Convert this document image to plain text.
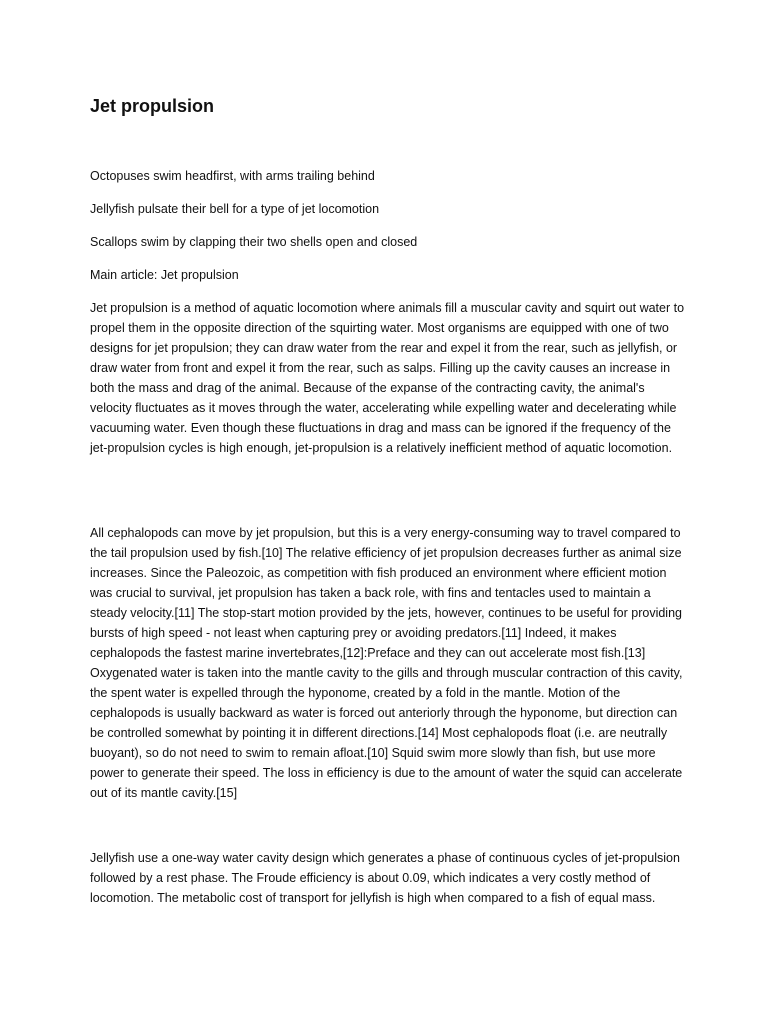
Jet propulsion

Octopuses swim headfirst, with arms trailing behind

Jellyfish pulsate their bell for a type of jet locomotion

Scallops swim by clapping their two shells open and closed

Main article: Jet propulsion

Jet propulsion is a method of aquatic locomotion where animals fill a muscular cavity and squirt out water to propel them in the opposite direction of the squirting water. Most organisms are equipped with one of two designs for jet propulsion; they can draw water from the rear and expel it from the rear, such as jellyfish, or draw water from front and expel it from the rear, such as salps. Filling up the cavity causes an increase in both the mass and drag of the animal. Because of the expanse of the contracting cavity, the animal's velocity fluctuates as it moves through the water, accelerating while expelling water and decelerating while vacuuming water. Even though these fluctuations in drag and mass can be ignored if the frequency of the jet-propulsion cycles is high enough, jet-propulsion is a relatively inefficient method of aquatic locomotion.

All cephalopods can move by jet propulsion, but this is a very energy-consuming way to travel compared to the tail propulsion used by fish.[10] The relative efficiency of jet propulsion decreases further as animal size increases. Since the Paleozoic, as competition with fish produced an environment where efficient motion was crucial to survival, jet propulsion has taken a back role, with fins and tentacles used to maintain a steady velocity.[11] The stop-start motion provided by the jets, however, continues to be useful for providing bursts of high speed - not least when capturing prey or avoiding predators.[11] Indeed, it makes cephalopods the fastest marine invertebrates,[12]:Preface and they can out accelerate most fish.[13] Oxygenated water is taken into the mantle cavity to the gills and through muscular contraction of this cavity, the spent water is expelled through the hyponome, created by a fold in the mantle. Motion of the cephalopods is usually backward as water is forced out anteriorly through the hyponome, but direction can be controlled somewhat by pointing it in different directions.[14] Most cephalopods float (i.e. are neutrally buoyant), so do not need to swim to remain afloat.[10] Squid swim more slowly than fish, but use more power to generate their speed. The loss in efficiency is due to the amount of water the squid can accelerate out of its mantle cavity.[15]

Jellyfish use a one-way water cavity design which generates a phase of continuous cycles of jet-propulsion followed by a rest phase. The Froude efficiency is about 0.09, which indicates a very costly method of locomotion. The metabolic cost of transport for jellyfish is high when compared to a fish of equal mass.
